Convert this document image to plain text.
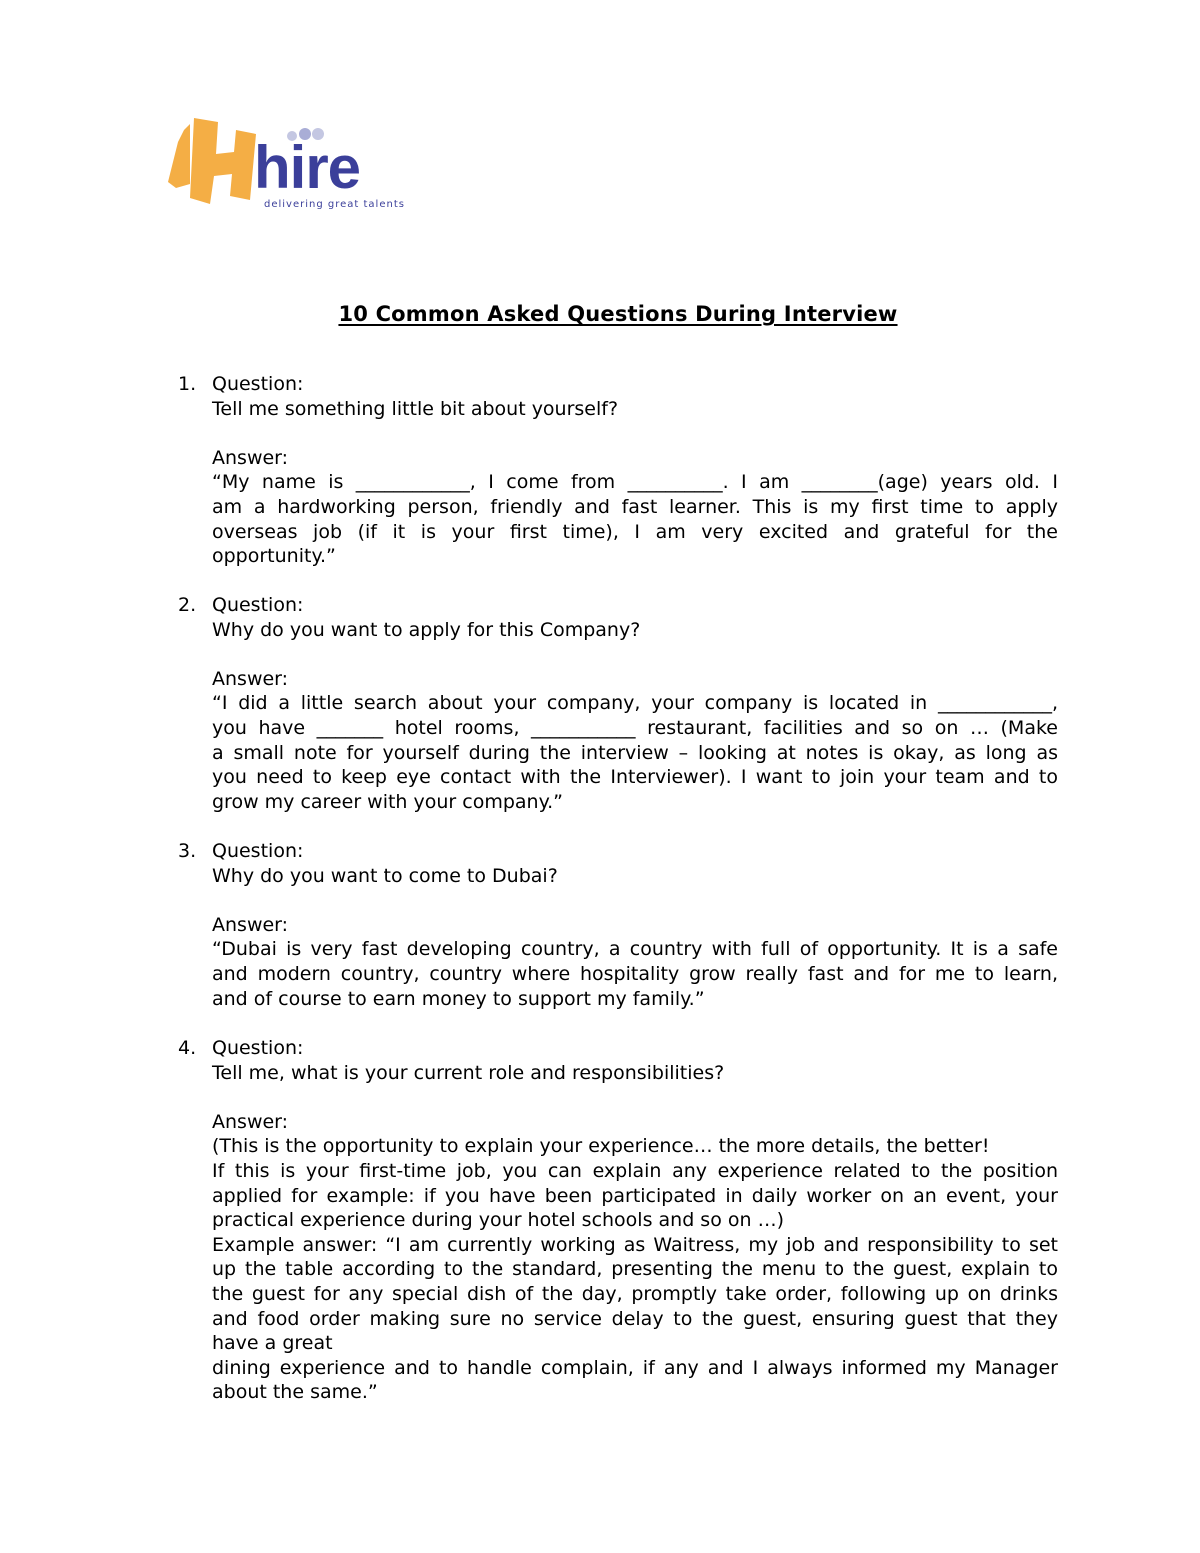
hire
delivering great talents
10 Common Asked Questions During Interview
1. Question:
Tell me something little bit about yourself?
Answer:
“My name is ____________, I come from __________. I am ________(age) years old. I
am a hardworking person, friendly and fast learner. This is my first time to apply
overseas job (if it is your first time), I am very excited and grateful for the
opportunity.”
2. Question:
Why do you want to apply for this Company?
Answer:
“I did a little search about your company, your company is located in ____________,
you have _______ hotel rooms, ___________ restaurant, facilities and so on … (Make
a small note for yourself during the interview – looking at notes is okay, as long as
you need to keep eye contact with the Interviewer). I want to join your team and to
grow my career with your company.”
3. Question:
Why do you want to come to Dubai?
Answer:
“Dubai is very fast developing country, a country with full of opportunity. It is a safe
and modern country, country where hospitality grow really fast and for me to learn,
and of course to earn money to support my family.”
4. Question:
Tell me, what is your current role and responsibilities?
Answer:
(This is the opportunity to explain your experience… the more details, the better!
If this is your first-time job, you can explain any experience related to the position
applied for example: if you have been participated in daily worker on an event, your
practical experience during your hotel schools and so on …)
Example answer: “I am currently working as Waitress, my job and responsibility to set
up the table according to the standard, presenting the menu to the guest, explain to
the guest for any special dish of the day, promptly take order, following up on drinks
and food order making sure no service delay to the guest, ensuring guest that they
have a great
dining experience and to handle complain, if any and I always informed my Manager
about the same.”
